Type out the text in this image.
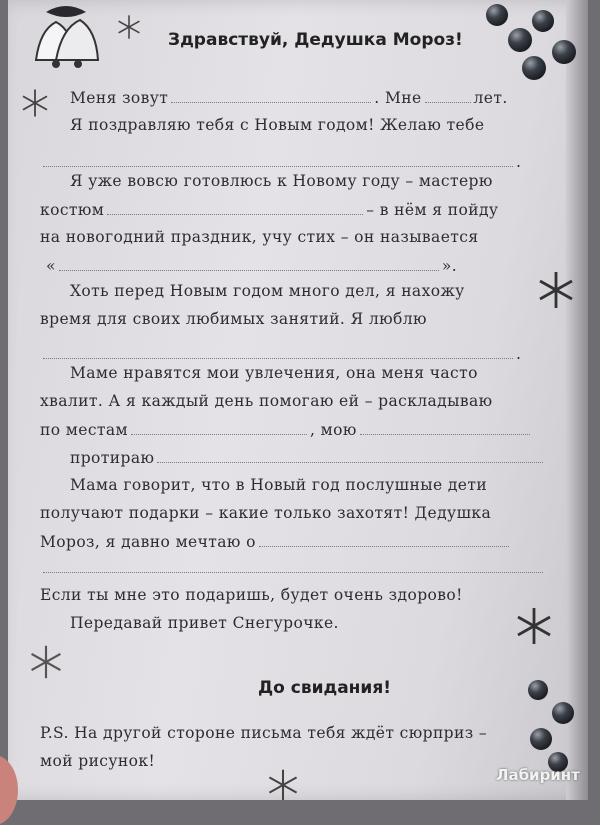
Здравствуй, Дедушка Мороз!
Меня зовут	. Мне	лет.
Я поздравляю тебя с Новым годом! Желаю тебе
.
Я уже вовсю готовлюсь к Новому году – мастерю
костюм	– в нём я пойду
на новогодний праздник, учу стих – он называется
«	».
Хоть перед Новым годом много дел, я нахожу
время для своих любимых занятий. Я люблю
.
Маме нравятся мои увлечения, она меня часто
хвалит. А я каждый день помогаю ей – раскладываю
по местам	, мою
протираю
Мама говорит, что в Новый год послушные дети
получают подарки – какие только захотят! Дедушка
Мороз, я давно мечтаю о
Если ты мне это подаришь, будет очень здорово!
Передавай привет Снегурочке.
До свидания!
P.S. На другой стороне письма тебя ждёт сюрприз –
мой рисунок!
Лабиринт
